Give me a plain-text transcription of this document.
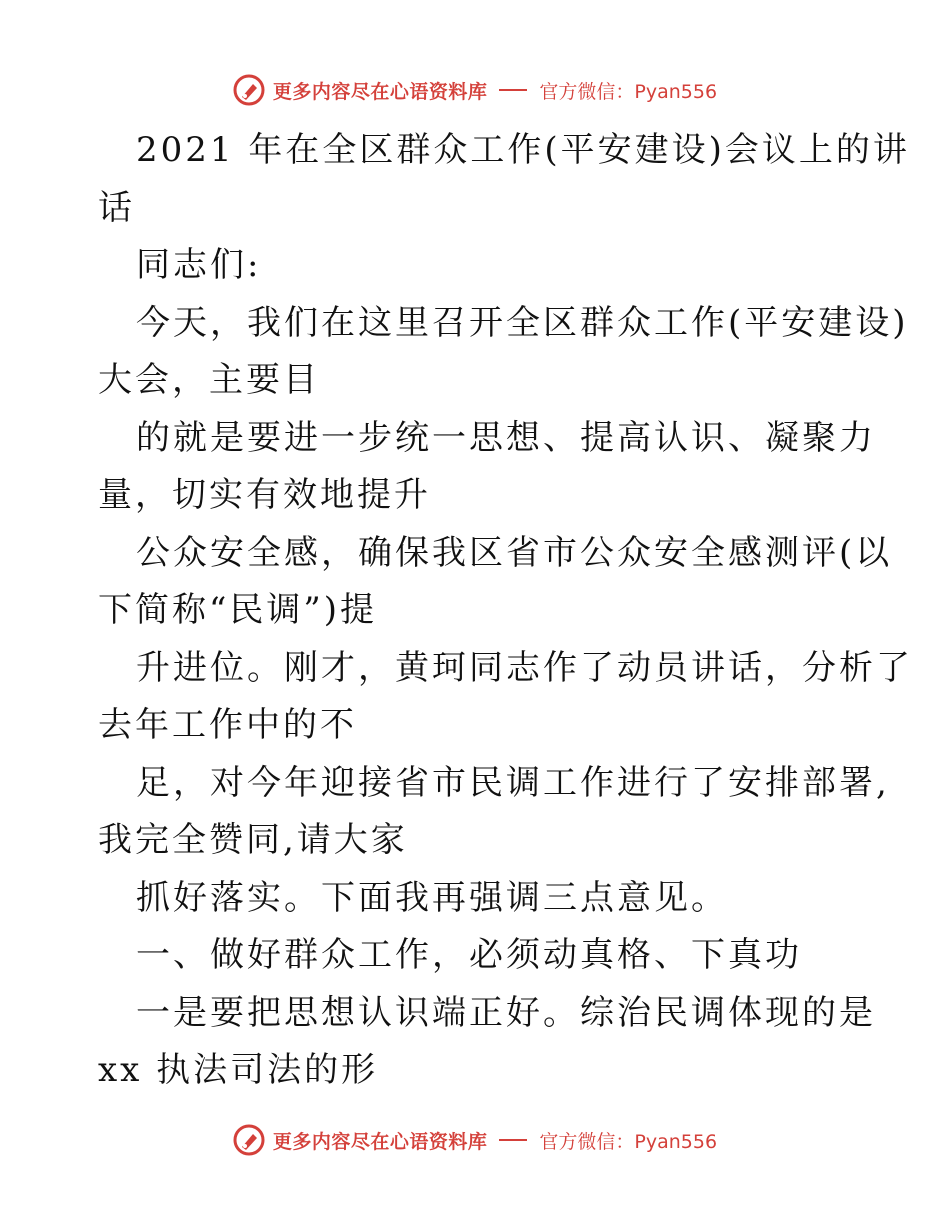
更多内容尽在心语资料库	官方微信：Pyan556
2021 年在全区群众工作(平安建设)会议上的讲
话
同志们:
今天，我们在这里召开全区群众工作(平安建设)
大会，主要目
的就是要进一步统一思想、提高认识、凝聚力
量，切实有效地提升
公众安全感，确保我区省市公众安全感测评(以
下简称“民调”)提
升进位。刚才，黄珂同志作了动员讲话，分析了
去年工作中的不
足，对今年迎接省市民调工作进行了安排部署,
我完全赞同,请大家
抓好落实。下面我再强调三点意见。
一、做好群众工作，必须动真格、下真功
一是要把思想认识端正好。综治民调体现的是
xx 执法司法的形
更多内容尽在心语资料库	官方微信：Pyan556
